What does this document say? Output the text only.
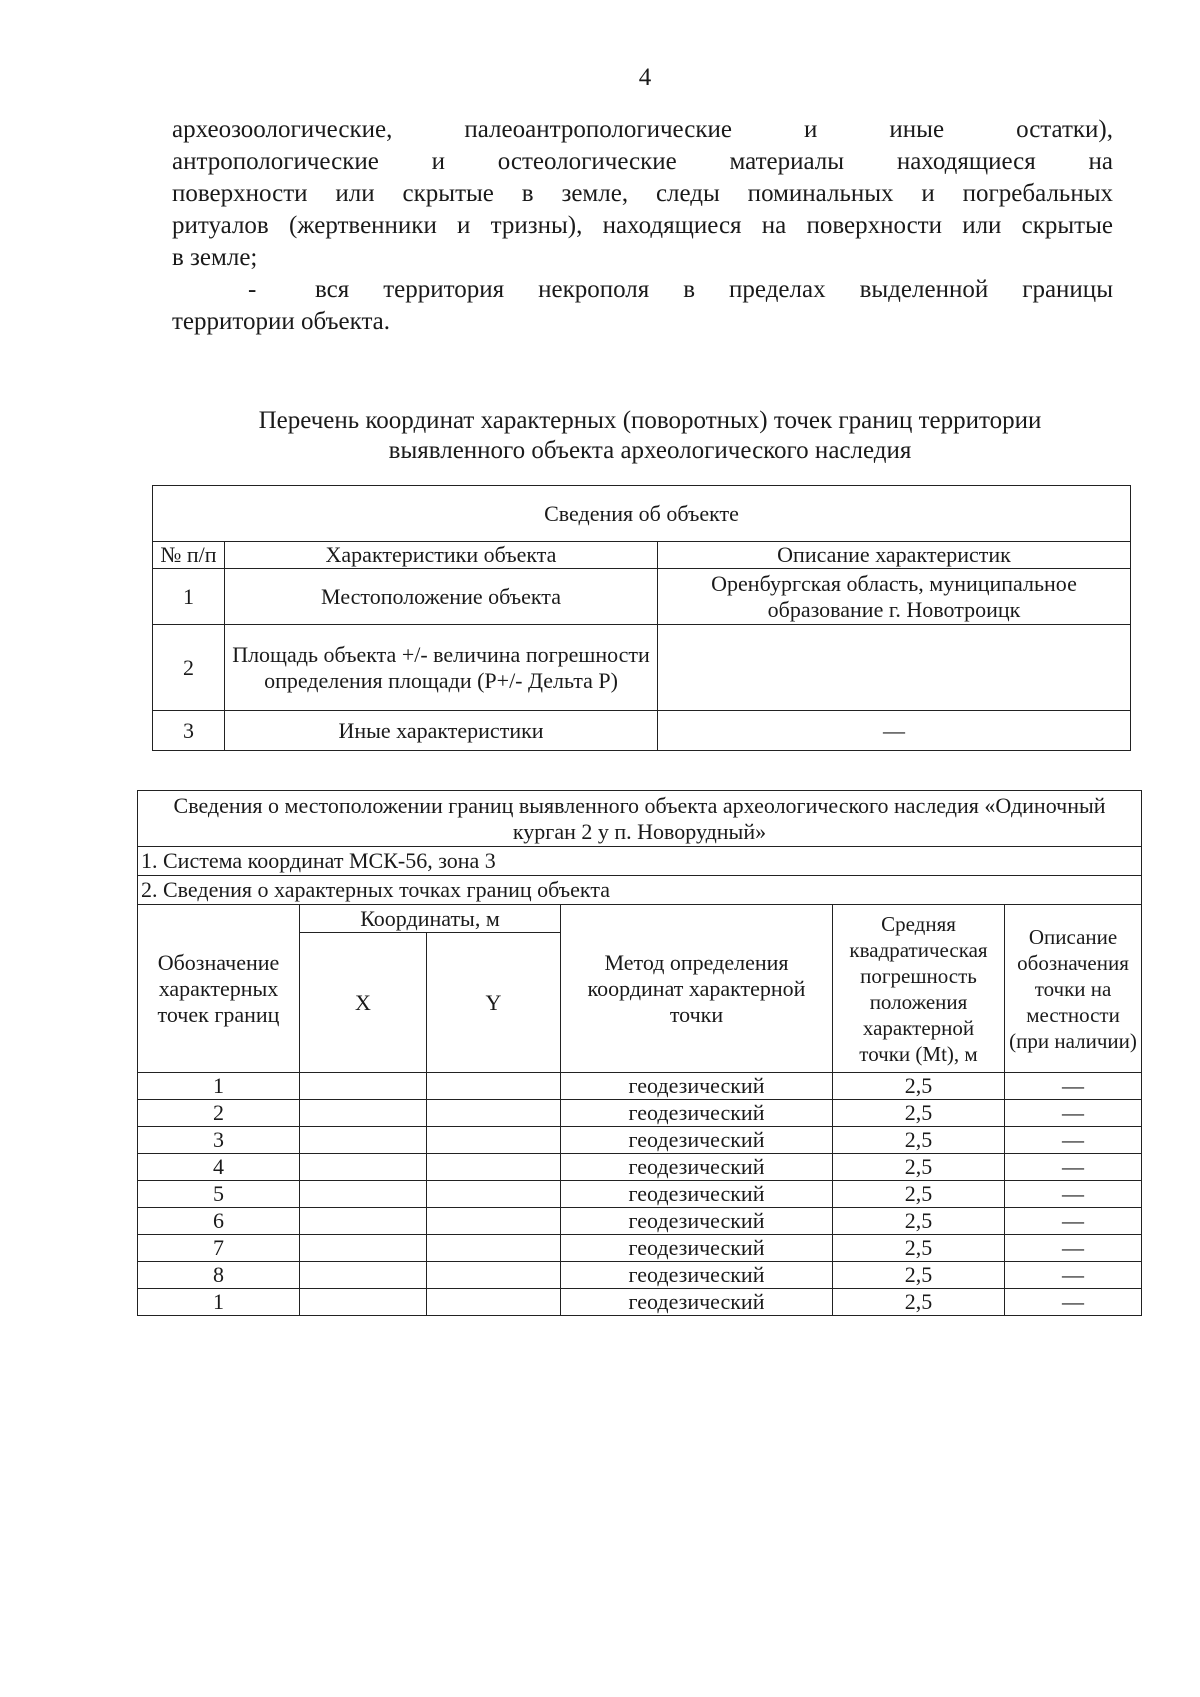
4
археозоологические, палеоантропологические и иные остатки),
антропологические и остеологические материалы находящиеся на
поверхности или скрытые в земле, следы поминальных и погребальных
ритуалов (жертвенники и тризны), находящиеся на поверхности или скрытые
в земле;
- вся территория некрополя в пределах выделенной границы
территории объекта.
Перечень координат характерных (поворотных) точек границ территории
выявленного объекта археологического наследия
Сведения об объекте		
№ п/п	Характеристики объекта	Описание характеристик
1	Местоположение объекта	Оренбургская область, муниципальное образование г. Новотроицк
2	Площадь объекта +/- величина погрешности определения площади (Р+/- Дельта Р)	
3	Иные характеристики	—
Сведения о местоположении границ выявленного объекта археологического наследия «Одиночный курган 2 у п. Новорудный»					
1. Система координат МСК-56, зона 3					
2. Сведения о характерных точках границ объекта					
Обозначение характерных точек границ	Координаты, м		Метод определения координат характерной точки	Средняя квадратическая погрешность положения характерной точки (Mt), м	Описание обозначения точки на местности (при наличии)
	X	Y			
1			геодезический	2,5	—
2			геодезический	2,5	—
3			геодезический	2,5	—
4			геодезический	2,5	—
5			геодезический	2,5	—
6			геодезический	2,5	—
7			геодезический	2,5	—
8			геодезический	2,5	—
1			геодезический	2,5	—
